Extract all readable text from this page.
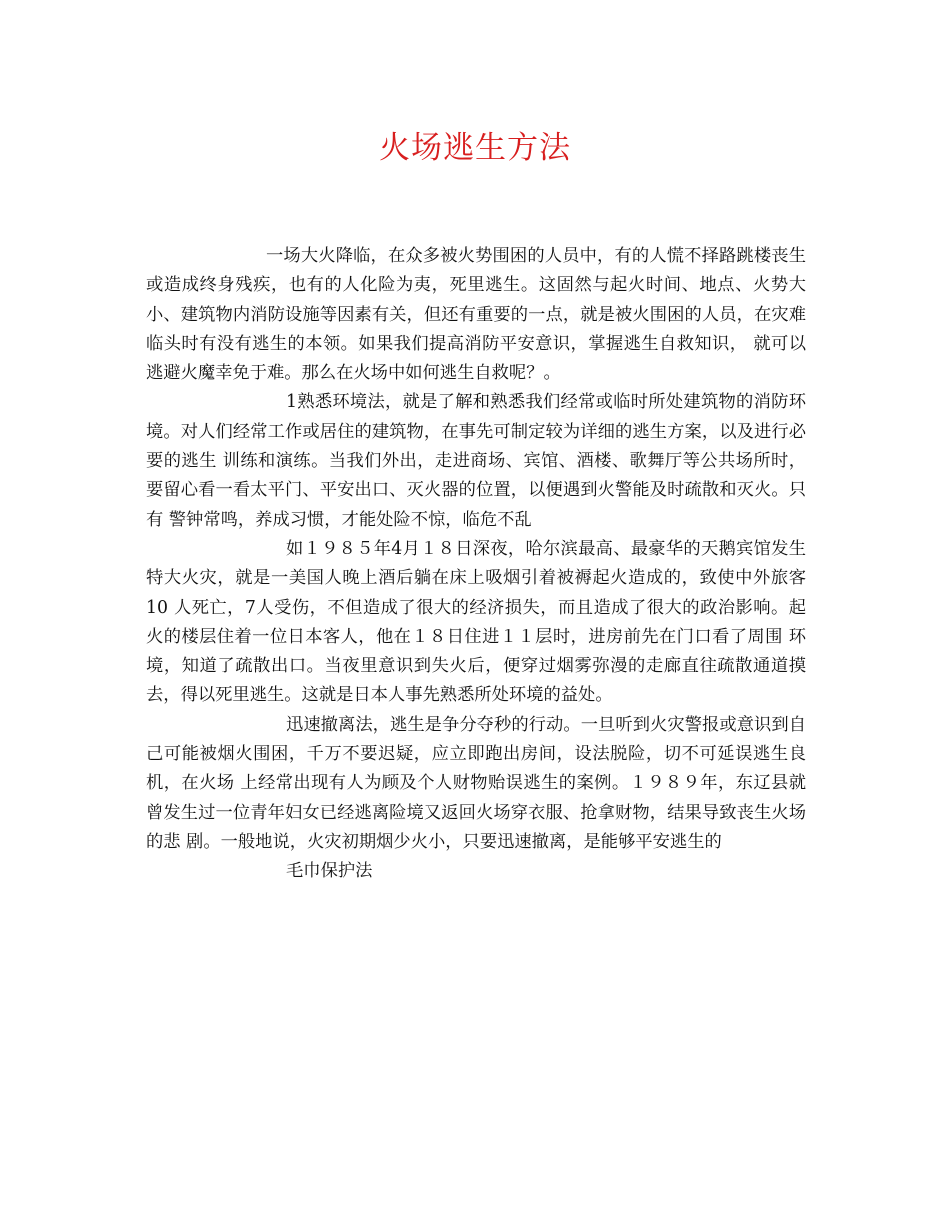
火场逃生方法

一场大火降临，在众多被火势围困的人员中，有的人慌不择路跳楼丧生或造成终身残疾，也有的人化险为夷，死里逃生。这固然与起火时间、地点、火势大 小、建筑物内消防设施等因素有关，但还有重要的一点，就是被火围困的人员，在灾难临头时有没有逃生的本领。如果我们提高消防平安意识，掌握逃生自救知识， 就可以逃避火魔幸免于难。那么在火场中如何逃生自救呢？。

1熟悉环境法，就是了解和熟悉我们经常或临时所处建筑物的消防环境。对人们经常工作或居住的建筑物，在事先可制定较为详细的逃生方案，以及进行必要的逃生 训练和演练。当我们外出，走进商场、宾馆、酒楼、歌舞厅等公共场所时，要留心看一看太平门、平安出口、灭火器的位置，以便遇到火警能及时疏散和灭火。只有 警钟常鸣，养成习惯，才能处险不惊，临危不乱

如１９８５年4月１８日深夜，哈尔滨最高、最豪华的天鹅宾馆发生特大火灾，就是一美国人晚上酒后躺在床上吸烟引着被褥起火造成的，致使中外旅客10 人死亡，7人受伤，不但造成了很大的经济损失，而且造成了很大的政治影响。起火的楼层住着一位日本客人，他在１８日住进１１层时，进房前先在门口看了周围 环境，知道了疏散出口。当夜里意识到失火后，便穿过烟雾弥漫的走廊直往疏散通道摸去，得以死里逃生。这就是日本人事先熟悉所处环境的益处。

迅速撤离法，逃生是争分夺秒的行动。一旦听到火灾警报或意识到自己可能被烟火围困，千万不要迟疑，应立即跑出房间，设法脱险，切不可延误逃生良机，在火场 上经常出现有人为顾及个人财物贻误逃生的案例。１９８９年，东辽县就曾发生过一位青年妇女已经逃离险境又返回火场穿衣服、抢拿财物，结果导致丧生火场的悲 剧。一般地说，火灾初期烟少火小，只要迅速撤离，是能够平安逃生的

毛巾保护法
